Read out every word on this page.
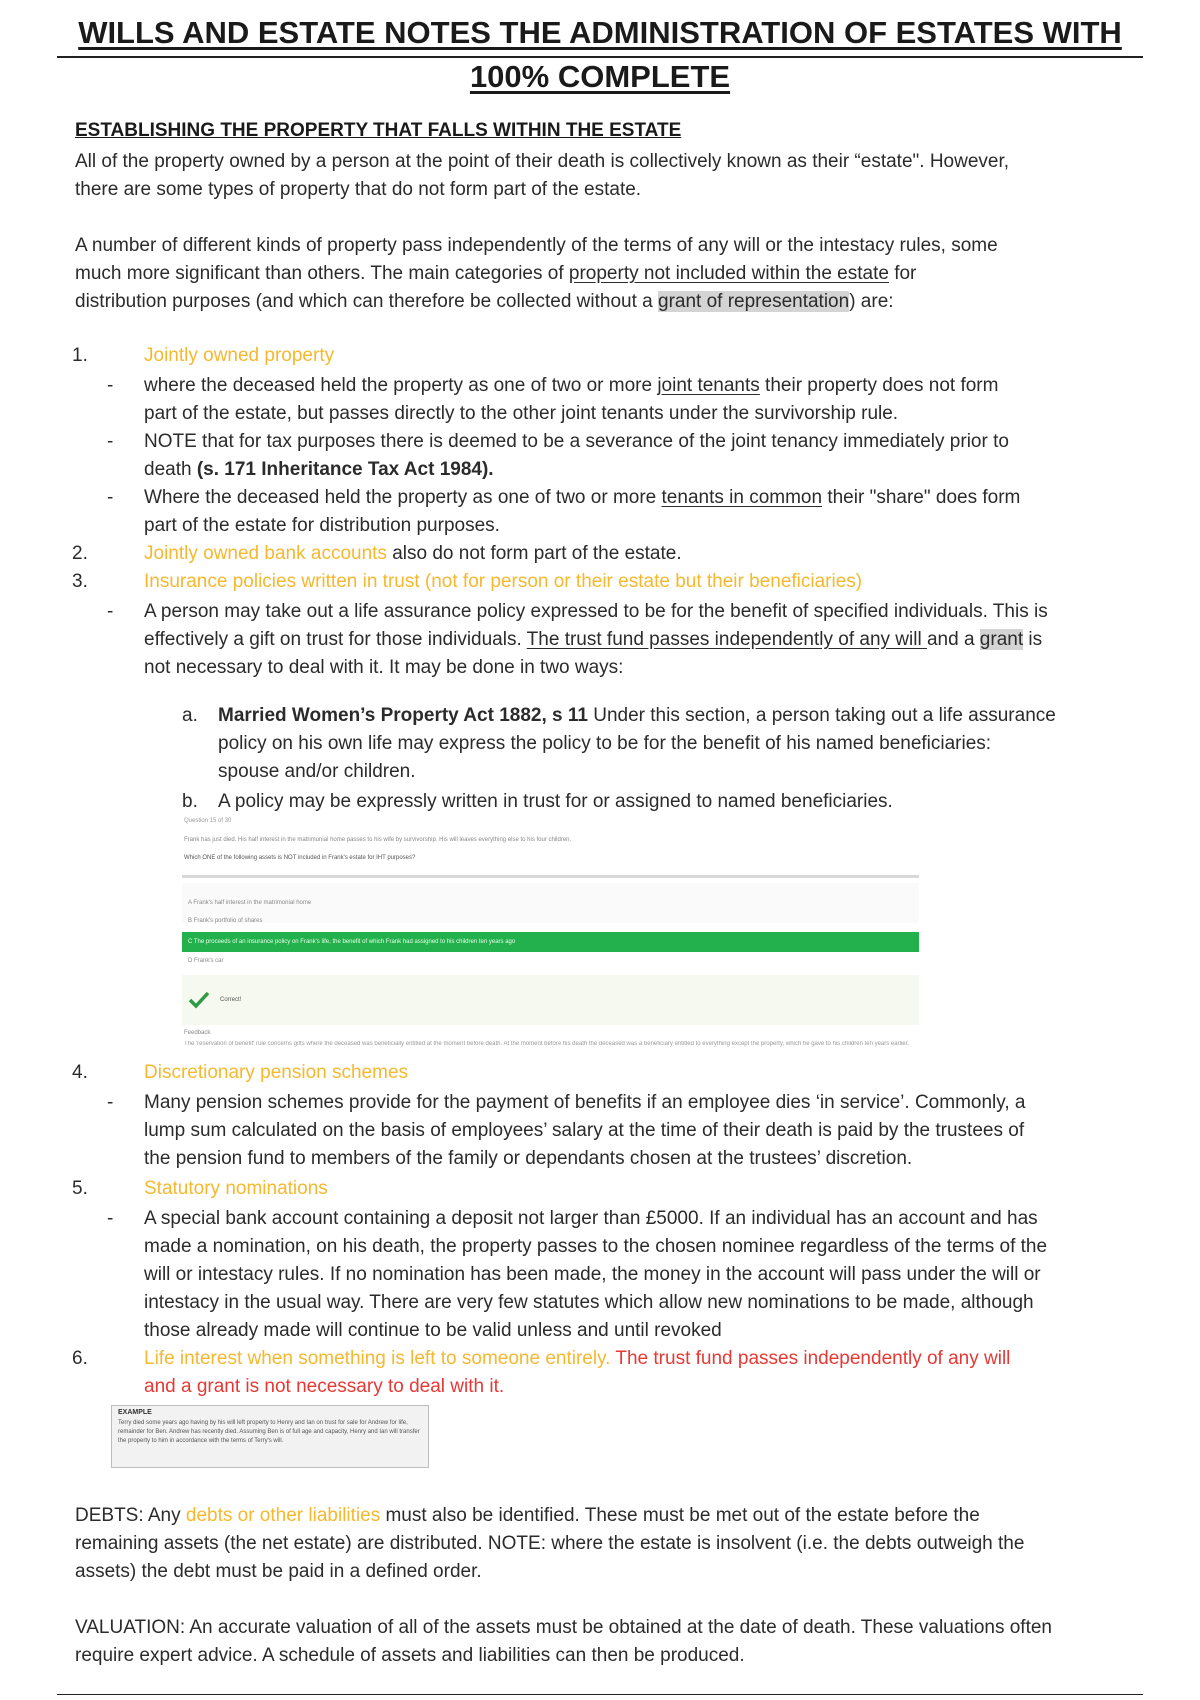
WILLS AND ESTATE NOTES THE ADMINISTRATION OF ESTATES WITH
100% COMPLETE
ESTABLISHING THE PROPERTY THAT FALLS WITHIN THE ESTATE
All of the property owned by a person at the point of their death is collectively known as their “estate". However,
there are some types of property that do not form part of the estate.
A number of different kinds of property pass independently of the terms of any will or the intestacy rules, some
much more significant than others. The main categories of property not included within the estate for
distribution purposes (and which can therefore be collected without a grant of representation) are:
1.	Jointly owned property
- where the deceased held the property as one of two or more joint tenants their property does not form
part of the estate, but passes directly to the other joint tenants under the survivorship rule.
- NOTE that for tax purposes there is deemed to be a severance of the joint tenancy immediately prior to
death (s. 171 Inheritance Tax Act 1984).
- Where the deceased held the property as one of two or more tenants in common their "share" does form
part of the estate for distribution purposes.
2.	Jointly owned bank accounts also do not form part of the estate.
3.	Insurance policies written in trust (not for person or their estate but their beneficiaries)
- A person may take out a life assurance policy expressed to be for the benefit of specified individuals. This is
effectively a gift on trust for those individuals. The trust fund passes independently of any will and a grant is
not necessary to deal with it. It may be done in two ways:
a. Married Women’s Property Act 1882, s 11 Under this section, a person taking out a life assurance
policy on his own life may express the policy to be for the benefit of his named beneficiaries:
spouse and/or children.
b. A policy may be expressly written in trust for or assigned to named beneficiaries.
Question 15 of 30
Frank has just died. His half interest in the matrimonial home passes to his wife by survivorship. His will leaves everything else to his four children.
Which ONE of the following assets is NOT included in Frank's estate for IHT purposes?
A Frank's half interest in the matrimonial home
B Frank's portfolio of shares
C The proceeds of an insurance policy on Frank's life, the benefit of which Frank had assigned to his children ten years ago
D Frank's car
Correct!
Feedback
The 'reservation of benefit' rule concerns gifts where the deceased was beneficially entitled at the moment before death. At the moment before his death the deceased was a beneficiary entitled to everything except the property, which he gave to his children ten years earlier.
4.	Discretionary pension schemes
- Many pension schemes provide for the payment of benefits if an employee dies ‘in service’. Commonly, a
lump sum calculated on the basis of employees’ salary at the time of their death is paid by the trustees of
the pension fund to members of the family or dependants chosen at the trustees’ discretion.
5.	Statutory nominations
- A special bank account containing a deposit not larger than £5000. If an individual has an account and has
made a nomination, on his death, the property passes to the chosen nominee regardless of the terms of the
will or intestacy rules. If no nomination has been made, the money in the account will pass under the will or
intestacy in the usual way. There are very few statutes which allow new nominations to be made, although
those already made will continue to be valid unless and until revoked
6.	Life interest when something is left to someone entirely. The trust fund passes independently of any will
and a grant is not necessary to deal with it.
EXAMPLE
Terry died some years ago having by his will left property to Henry and Ian on trust for sale for Andrew for life, remainder for Ben. Andrew has recently died. Assuming Ben is of full age and capacity, Henry and Ian will transfer the property to him in accordance with the terms of Terry's will.
DEBTS: Any debts or other liabilities must also be identified. These must be met out of the estate before the
remaining assets (the net estate) are distributed. NOTE: where the estate is insolvent (i.e. the debts outweigh the
assets) the debt must be paid in a defined order.
VALUATION: An accurate valuation of all of the assets must be obtained at the date of death. These valuations often
require expert advice. A schedule of assets and liabilities can then be produced.
